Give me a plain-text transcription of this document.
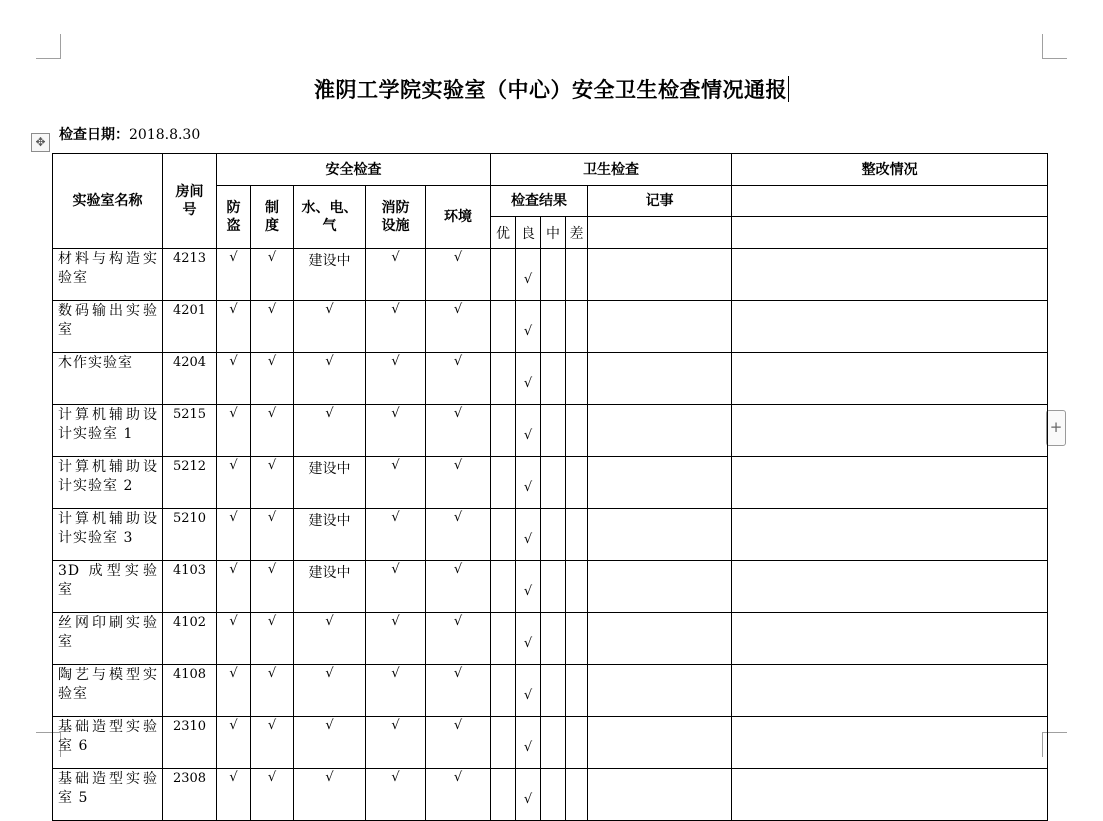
淮阴工学院实验室（中心）安全卫生检查情况通报
检查日期：2018.8.30
✥
+
实验室名称	房间号	安全检查					卫生检查					整改情况

		防盗	制度	水、电、气	消防设施	环境	检查结果				记事	
							优	良	中	差		
材料与构造实验室	4213	√	√	建设中	√	√		√				
数码输出实验室	4201	√	√	√	√	√		√				
木作实验室	4204	√	√	√	√	√		√				
计算机辅助设计实验室 1	5215	√	√	√	√	√		√				
计算机辅助设计实验室 2	5212	√	√	建设中	√	√		√				
计算机辅助设计实验室 3	5210	√	√	建设中	√	√		√				
3D 成型实验室	4103	√	√	建设中	√	√		√				
丝网印刷实验室	4102	√	√	√	√	√		√				
陶艺与模型实验室	4108	√	√	√	√	√		√				
基础造型实验室 6	2310	√	√	√	√	√		√				
基础造型实验室 5	2308	√	√	√	√	√		√				
